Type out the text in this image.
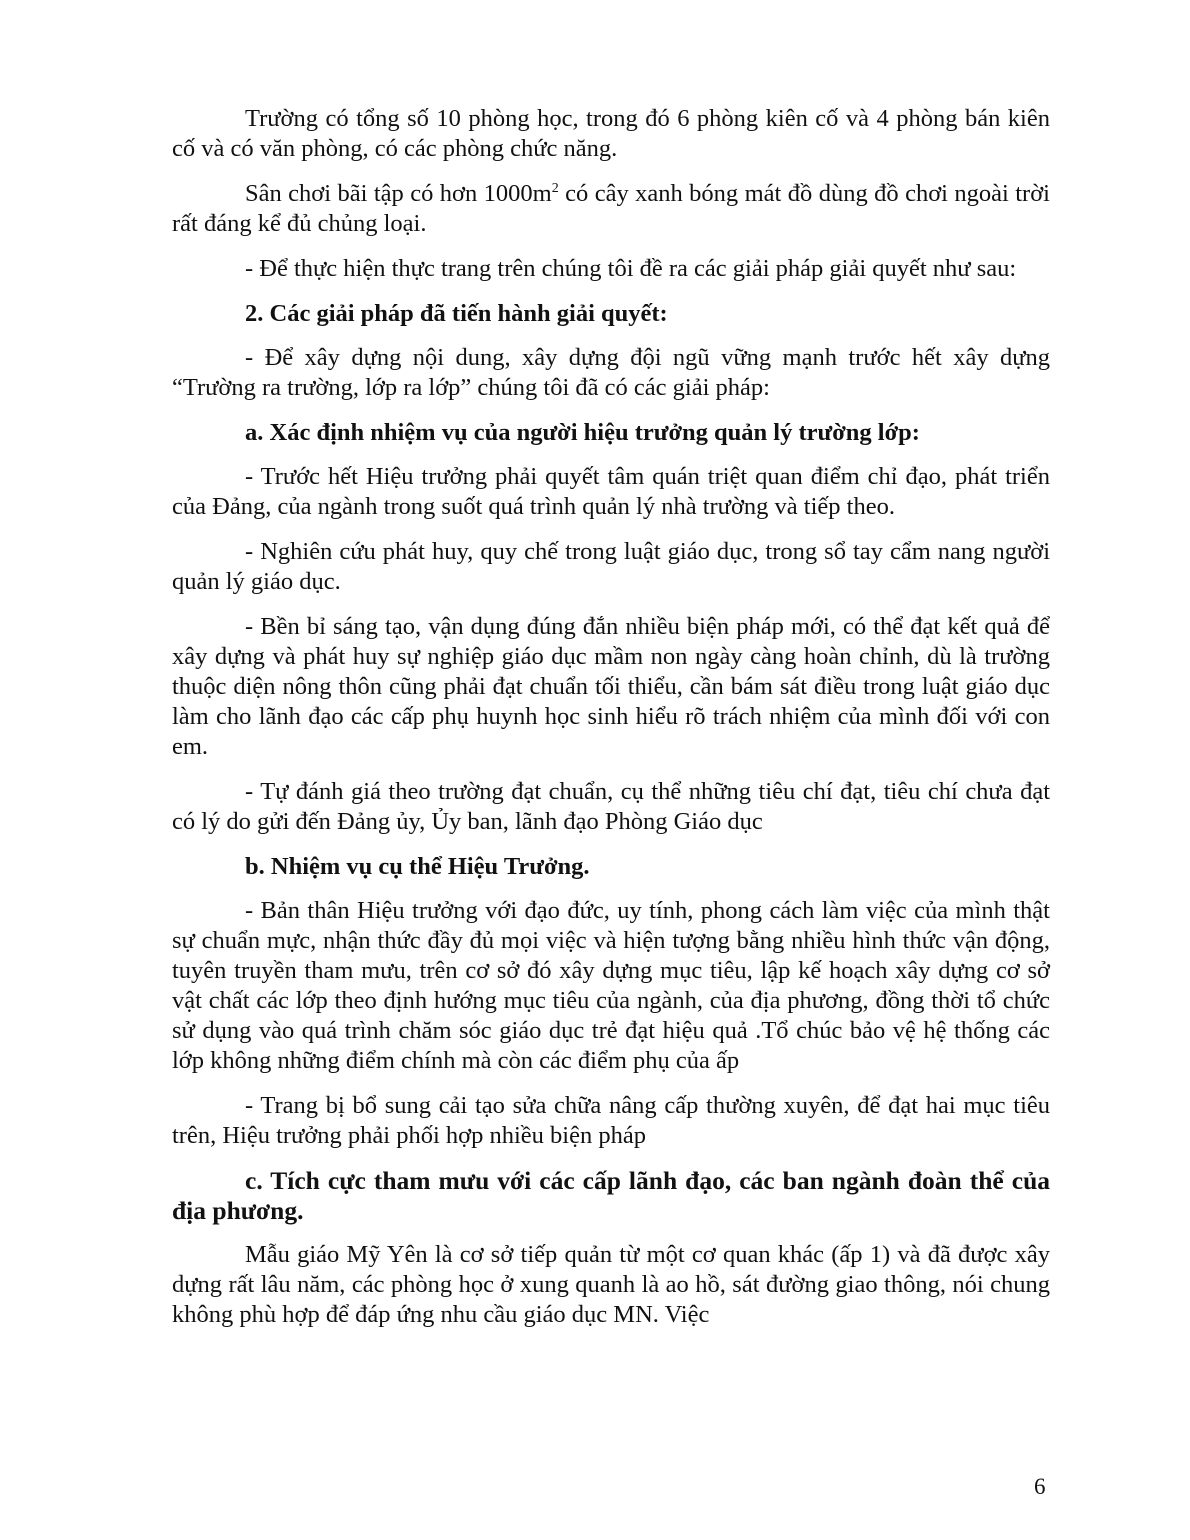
Trường có tổng số 10 phòng học, trong đó 6 phòng kiên cố và 4 phòng bán kiên cố và có văn phòng, có các phòng chức năng.

Sân chơi bãi tập có hơn $1000m^2$ có cây xanh bóng mát đồ dùng đồ chơi ngoài trời rất đáng kể đủ chủng loại.

- Để thực hiện thực trang trên chúng tôi đề ra các giải pháp giải quyết như sau:

2. Các giải pháp đã tiến hành giải quyết:

- Để xây dựng nội dung, xây dựng đội ngũ vững mạnh trước hết xây dựng “Trường ra trường, lớp ra lớp” chúng tôi đã có các giải pháp:

a. Xác định nhiệm vụ của người hiệu trưởng quản lý trường lớp:

- Trước hết Hiệu trưởng phải quyết tâm quán triệt quan điểm chỉ đạo, phát triển của Đảng, của ngành trong suốt quá trình quản lý nhà trường và tiếp theo.

- Nghiên cứu phát huy, quy chế trong luật giáo dục, trong sổ tay cẩm nang người quản lý giáo dục.

- Bền bỉ sáng tạo, vận dụng đúng đắn nhiều biện pháp mới, có thể đạt kết quả để xây dựng và phát huy sự nghiệp giáo dục mầm non ngày càng hoàn chỉnh, dù là trường thuộc diện nông thôn cũng phải đạt chuẩn tối thiểu, cần bám sát điều trong luật giáo dục làm cho lãnh đạo các cấp phụ huynh học sinh hiểu rõ trách nhiệm của mình đối với con em.

- Tự đánh giá theo trường đạt chuẩn, cụ thể những tiêu chí đạt, tiêu chí chưa đạt có lý do gửi đến Đảng ủy, Ủy ban, lãnh đạo Phòng Giáo dục

b. Nhiệm vụ cụ thể Hiệu Trưởng.

- Bản thân Hiệu trưởng với đạo đức, uy tính, phong cách làm việc của mình thật sự chuẩn mực, nhận thức đầy đủ mọi việc và hiện tượng bằng nhiều hình thức vận động, tuyên truyền tham mưu, trên cơ sở đó xây dựng mục tiêu, lập kế hoạch xây dựng cơ sở vật chất các lớp theo định hướng mục tiêu của ngành, của địa phương, đồng thời tổ chức sử dụng vào quá trình chăm sóc giáo dục trẻ đạt hiệu quả .Tổ chúc bảo vệ hệ thống các lớp không những điểm chính mà còn các điểm phụ của ấp

- Trang bị bổ sung cải tạo sửa chữa nâng cấp thường xuyên, để đạt hai mục tiêu trên, Hiệu trưởng phải phối hợp nhiều biện pháp

c. Tích cực tham mưu với các cấp lãnh đạo, các ban ngành đoàn thể của địa phương.

Mẫu giáo Mỹ Yên là cơ sở tiếp quản từ một cơ quan khác (ấp 1) và đã được xây dựng rất lâu năm, các phòng học ở xung quanh là ao hồ, sát đường giao thông, nói chung không phù hợp để đáp ứng nhu cầu giáo dục MN. Việc

6
